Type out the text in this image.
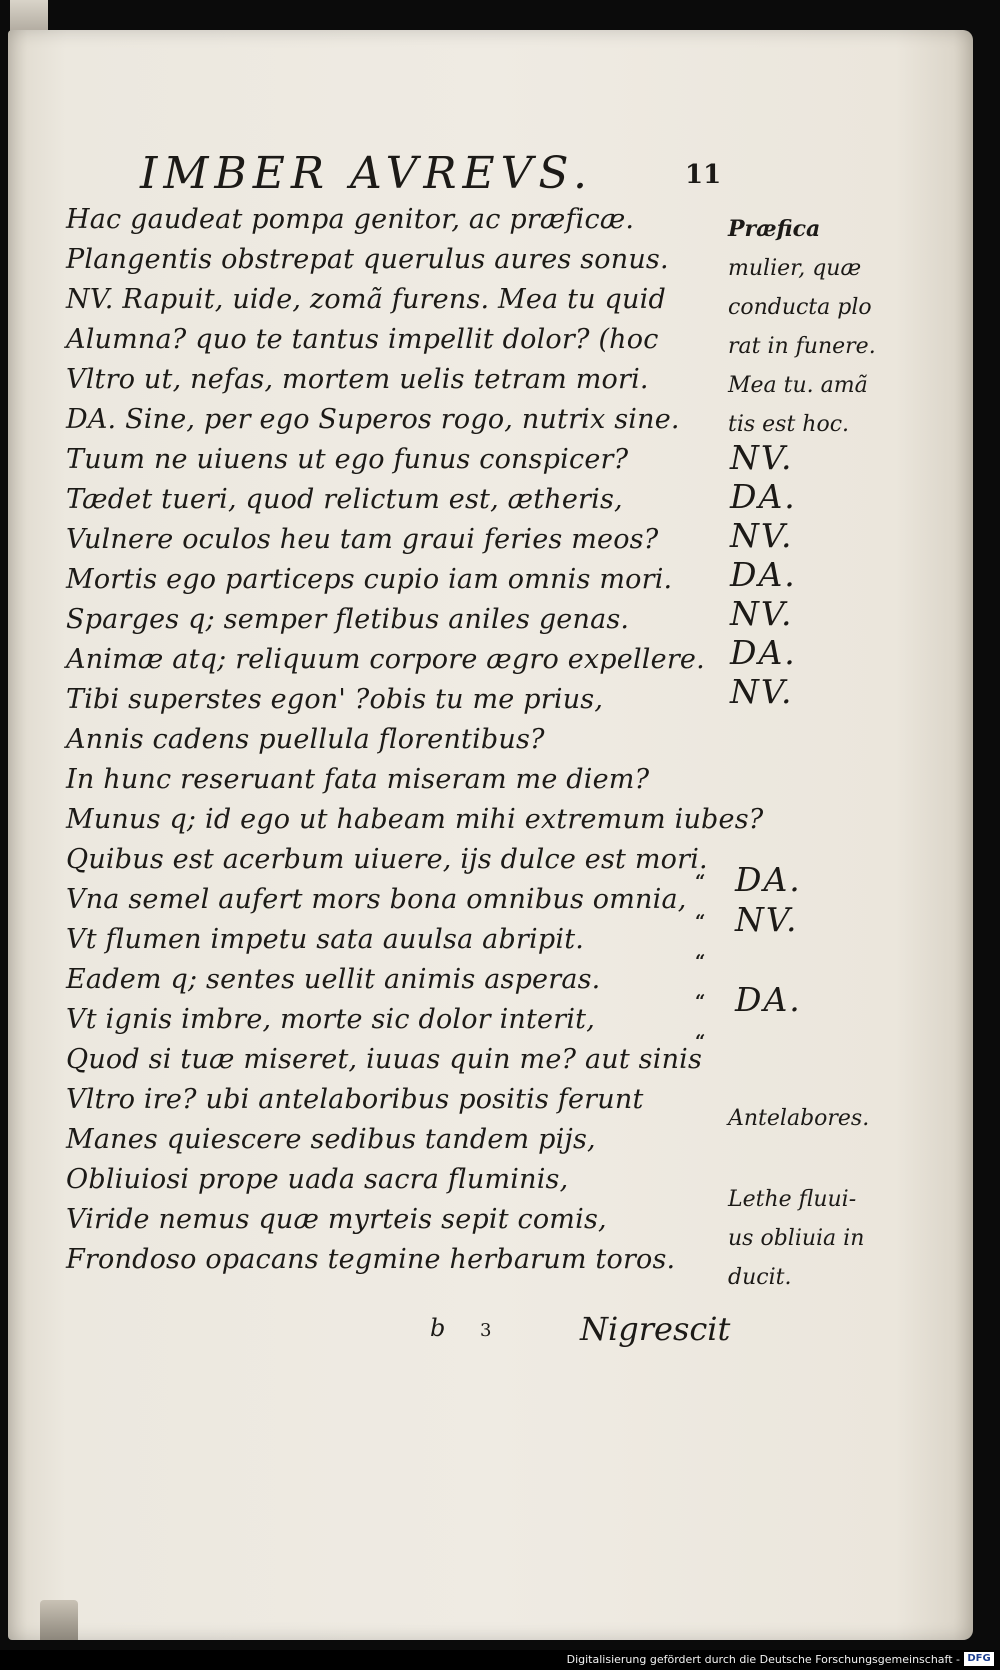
IMBER AVREVS.	11
Hac gaudeat pompa genitor, ac præficæ.
Plangentis obstrepat querulus aures sonus.
NV. Rapuit, uide, zomã furens. Mea tu quid
Alumna? quo te tantus impellit dolor? (hoc
Vltro ut, nefas, mortem uelis tetram mori.
DA. Sine, per ego Superos rogo, nutrix sine.
Tuum ne uiuens ut ego funus conspicer?
Tædet tueri, quod relictum est, ætheris,
Vulnere oculos heu tam graui feries meos?
Mortis ego particeps cupio iam omnis mori.
Sparges q; semper fletibus aniles genas.
Animæ atq; reliquum corpore ægro expellere.
Tibi superstes egon' ?obis tu me prius,
Annis cadens puellula florentibus?
In hunc reseruant fata miseram me diem?
Munus q; id ego ut habeam mihi extremum iubes?
Quibus est acerbum uiuere, ijs dulce est mori.
Vna semel aufert mors bona omnibus omnia,
Vt flumen impetu sata auulsa abripit.
Eadem q; sentes uellit animis asperas.
Vt ignis imbre, morte sic dolor interit,
Quod si tuæ miseret, iuuas quin me? aut sinis
Vltro ire? ubi antelaboribus positis ferunt
Manes quiescere sedibus tandem pijs,
Obliuiosi prope uada sacra fluminis,
Viride nemus quæ myrteis sepit comis,
Frondoso opacans tegmine herbarum toros.
“
“
“
“
“
Præfica
mulier, quæ
conducta plo
rat in funere.
Mea tu. amã
tis est hoc.
NV.
DA.
NV.
DA.
NV.
DA.
NV.
DA.
NV.
DA.
Antelabores.
Lethe fluui-
us obliuia in
ducit.
b 3	Nigrescit
Digitalisierung gefördert durch die Deutsche Forschungsgemeinschaft - DFG
